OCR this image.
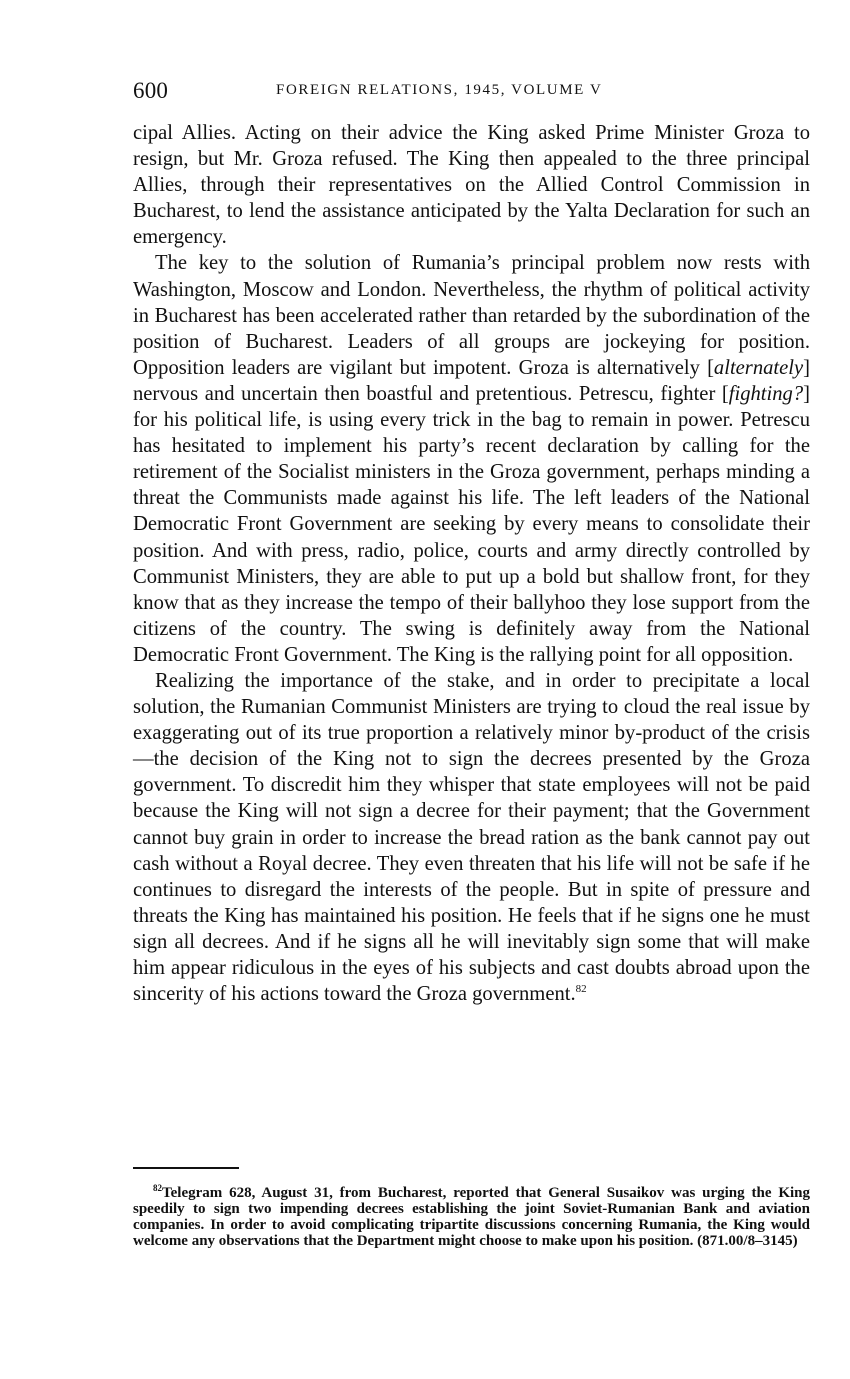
600	FOREIGN RELATIONS, 1945, VOLUME V

cipal Allies. Acting on their advice the King asked Prime Minister Groza to resign, but Mr. Groza refused. The King then appealed to the three principal Allies, through their representatives on the Allied Control Commission in Bucharest, to lend the assistance anticipated by the Yalta Declaration for such an emergency.

The key to the solution of Rumania’s principal problem now rests with Washington, Moscow and London. Nevertheless, the rhythm of political activity in Bucharest has been accelerated rather than retarded by the subordination of the position of Bucharest. Leaders of all groups are jockeying for position. Opposition leaders are vigilant but impotent. Groza is alternatively [alternately] nervous and uncertain then boastful and pretentious. Petrescu, fighter [fighting?] for his political life, is using every trick in the bag to remain in power. Petrescu has hesitated to implement his party’s recent declaration by calling for the retirement of the Socialist ministers in the Groza government, perhaps minding a threat the Communists made against his life. The left leaders of the National Democratic Front Government are seeking by every means to consolidate their position. And with press, radio, police, courts and army directly controlled by Communist Ministers, they are able to put up a bold but shallow front, for they know that as they increase the tempo of their ballyhoo they lose support from the citizens of the country. The swing is definitely away from the National Democratic Front Government. The King is the rallying point for all opposition.

Realizing the importance of the stake, and in order to precipitate a local solution, the Rumanian Communist Ministers are trying to cloud the real issue by exaggerating out of its true proportion a relatively minor by-product of the crisis—the decision of the King not to sign the decrees presented by the Groza government. To discredit him they whisper that state employees will not be paid because the King will not sign a decree for their payment; that the Government cannot buy grain in order to increase the bread ration as the bank cannot pay out cash without a Royal decree. They even threaten that his life will not be safe if he continues to disregard the interests of the people. But in spite of pressure and threats the King has maintained his position. He feels that if he signs one he must sign all decrees. And if he signs all he will inevitably sign some that will make him appear ridiculous in the eyes of his subjects and cast doubts abroad upon the sincerity of his actions toward the Groza government.$^{82}$

$^{82}$Telegram 628, August 31, from Bucharest, reported that General Susaikov was urging the King speedily to sign two impending decrees establishing the joint Soviet-Rumanian Bank and aviation companies. In order to avoid complicating tripartite discussions concerning Rumania, the King would welcome any observations that the Department might choose to make upon his position. (871.00/8–3145)
